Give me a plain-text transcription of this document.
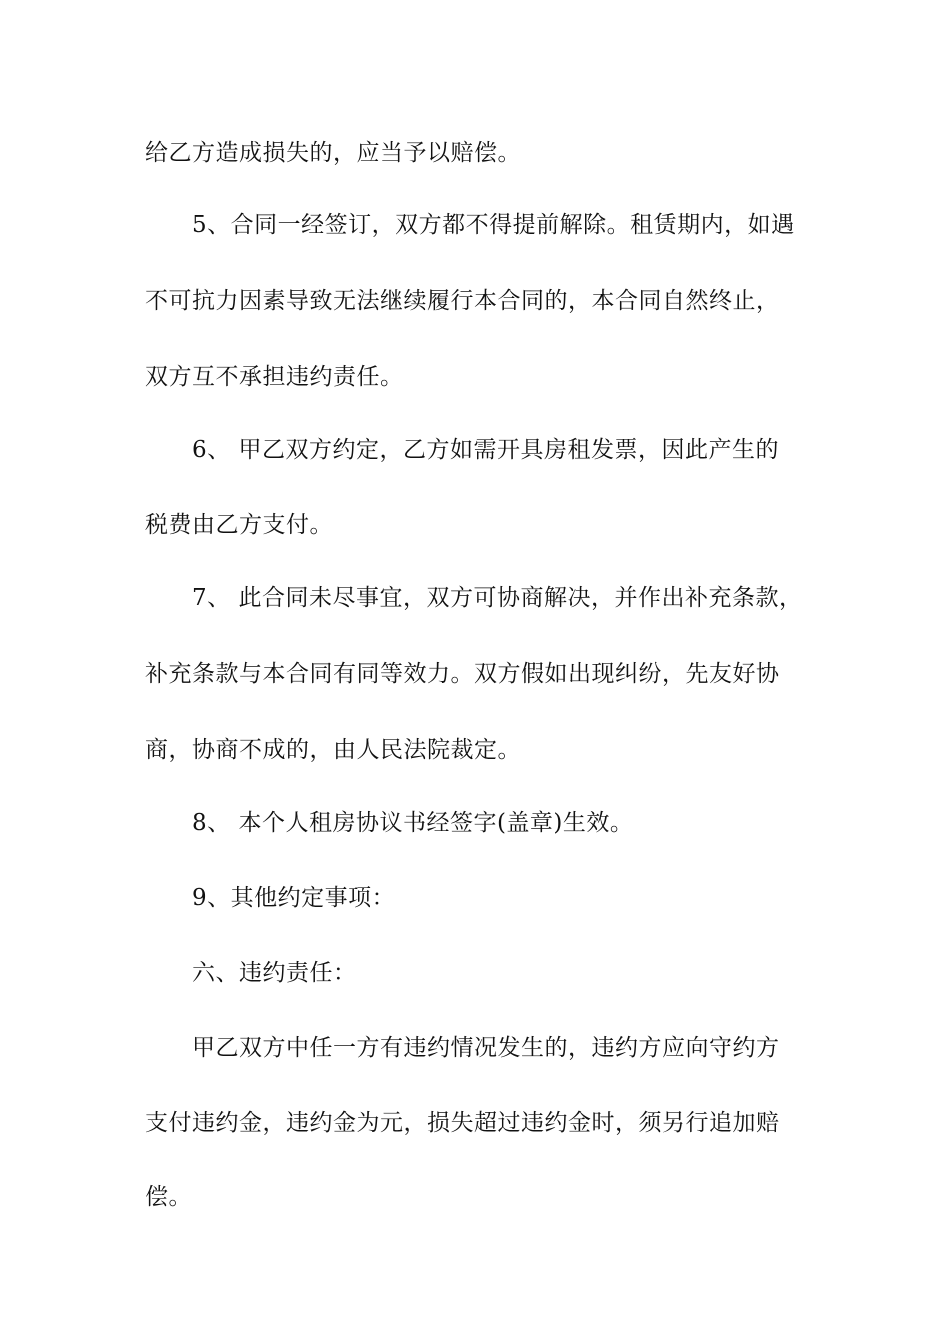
给乙方造成损失的，应当予以赔偿。
5、合同一经签订，双方都不得提前解除。租赁期内，如遇
不可抗力因素导致无法继续履行本合同的，本合同自然终止，
双方互不承担违约责任。
6、 甲乙双方约定，乙方如需开具房租发票，因此产生的
税费由乙方支付。
7、 此合同未尽事宜，双方可协商解决，并作出补充条款，
补充条款与本合同有同等效力。双方假如出现纠纷，先友好协
商，协商不成的，由人民法院裁定。
8、 本个人租房协议书经签字(盖章)生效。
9、其他约定事项：
六、违约责任：
甲乙双方中任一方有违约情况发生的，违约方应向守约方
支付违约金，违约金为元，损失超过违约金时，须另行追加赔
偿。
